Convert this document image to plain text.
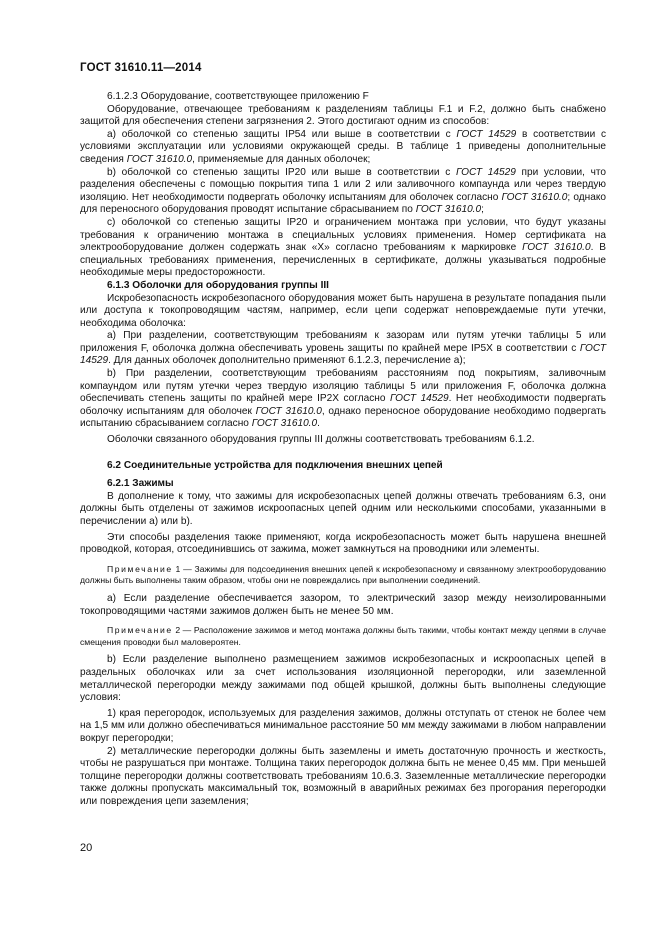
ГОСТ 31610.11—2014

6.1.2.3 Оборудование, соответствующее приложению F

Оборудование, отвечающее требованиям к разделениям таблицы F.1 и F.2, должно быть снабжено защитой для обеспечения степени загрязнения 2. Этого достигают одним из способов:

a) оболочкой со степенью защиты IP54 или выше в соответствии с ГОСТ 14529 в соответствии с условиями эксплуатации или условиями окружающей среды. В таблице 1 приведены дополнительные сведения ГОСТ 31610.0, применяемые для данных оболочек;

b) оболочкой со степенью защиты IP20 или выше в соответствии с ГОСТ 14529 при условии, что разделения обеспечены с помощью покрытия типа 1 или 2 или заливочного компаунда или через твердую изоляцию. Нет необходимости подвергать оболочку испытаниям для оболочек согласно ГОСТ 31610.0; однако для переносного оборудования проводят испытание сбрасыванием по ГОСТ 31610.0;

c) оболочкой со степенью защиты IP20 и ограничением монтажа при условии, что будут указаны требования к ограничению монтажа в специальных условиях применения. Номер сертификата на электрооборудование должен содержать знак «X» согласно требованиям к маркировке ГОСТ 31610.0. В специальных требованиях применения, перечисленных в сертификате, должны указываться подробные необходимые меры предосторожности.

6.1.3 Оболочки для оборудования группы III

Искробезопасность искробезопасного оборудования может быть нарушена в результате попадания пыли или доступа к токопроводящим частям, например, если цепи содержат неповреждаемые пути утечки, необходима оболочка:

a) При разделении, соответствующим требованиям к зазорам или путям утечки таблицы 5 или приложения F, оболочка должна обеспечивать уровень защиты по крайней мере IP5X в соответствии с ГОСТ 14529. Для данных оболочек дополнительно применяют 6.1.2.3, перечисление a);

b) При разделении, соответствующим требованиям расстояниям под покрытиям, заливочным компаундом или путям утечки через твердую изоляцию таблицы 5 или приложения F, оболочка должна обеспечивать степень защиты по крайней мере IP2X согласно ГОСТ 14529. Нет необходимости подвергать оболочку испытаниям для оболочек ГОСТ 31610.0, однако переносное оборудование необходимо подвергать испытанию сбрасыванием согласно ГОСТ 31610.0.

Оболочки связанного оборудования группы III должны соответствовать требованиям 6.1.2.

6.2 Соединительные устройства для подключения внешних цепей

6.2.1 Зажимы

В дополнение к тому, что зажимы для искробезопасных цепей должны отвечать требованиям 6.3, они должны быть отделены от зажимов искроопасных цепей одним или несколькими способами, указанными в перечислении а) или b).

Эти способы разделения также применяют, когда искробезопасность может быть нарушена внешней проводкой, которая, отсоединившись от зажима, может замкнуться на проводники или элементы.

Примечание 1 — Зажимы для подсоединения внешних цепей к искробезопасному и связанному электрооборудованию должны быть выполнены таким образом, чтобы они не повреждались при выполнении соединений.

a) Если разделение обеспечивается зазором, то электрический зазор между неизолированными токопроводящими частями зажимов должен быть не менее 50 мм.

Примечание 2 — Расположение зажимов и метод монтажа должны быть такими, чтобы контакт между цепями в случае смещения проводки был маловероятен.

b) Если разделение выполнено размещением зажимов искробезопасных и искроопасных цепей в раздельных оболочках или за счет использования изоляционной перегородки, или заземленной металлической перегородки между зажимами под общей крышкой, должны быть выполнены следующие условия:

1) края перегородок, используемых для разделения зажимов, должны отступать от стенок не более чем на 1,5 мм или должно обеспечиваться минимальное расстояние 50 мм между зажимами в любом направлении вокруг перегородки;

2) металлические перегородки должны быть заземлены и иметь достаточную прочность и жесткость, чтобы не разрушаться при монтаже. Толщина таких перегородок должна быть не менее 0,45 мм. При меньшей толщине перегородки должны соответствовать требованиям 10.6.3. Заземленные металлические перегородки также должны пропускать максимальный ток, возможный в аварийных режимах без прогорания перегородки или повреждения цепи заземления;

20
